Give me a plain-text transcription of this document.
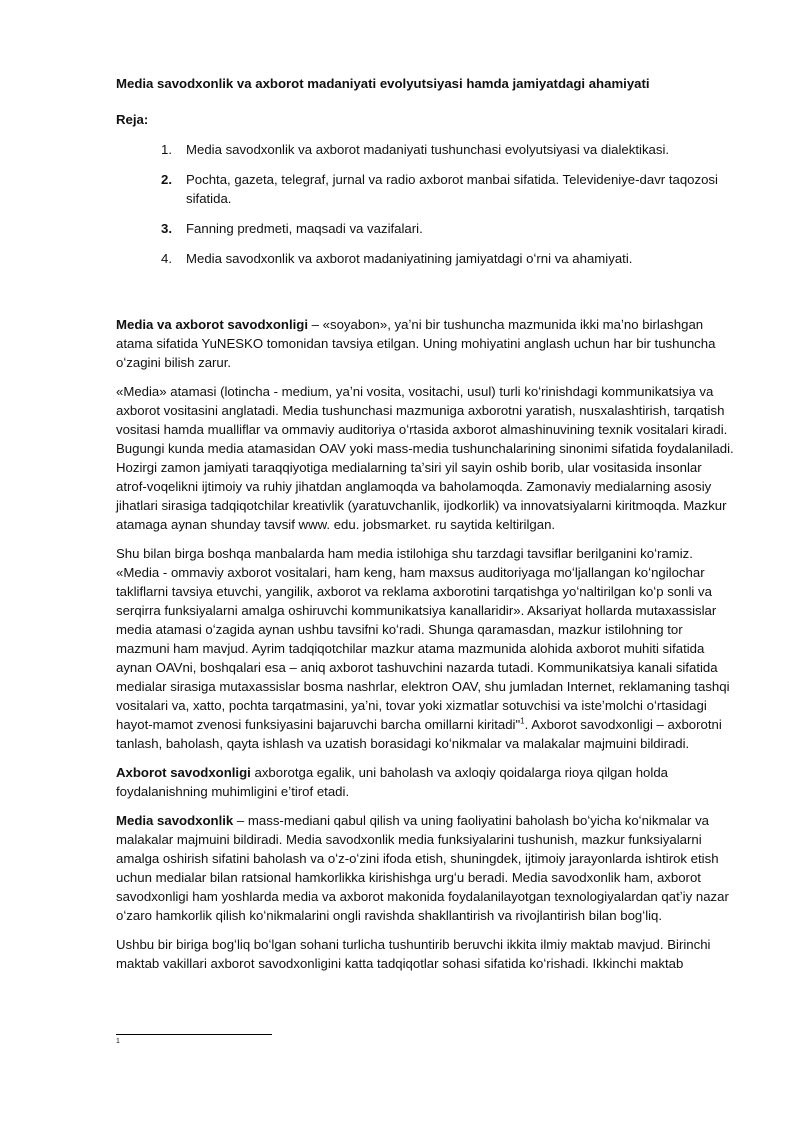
Media savodxonlik va axborot madaniyati evolyutsiyasi hamda jamiyatdagi ahamiyati
Reja:
1. Media savodxonlik va axborot madaniyati tushunchasi evolyutsiyasi va dialektikasi.
2. Pochta, gazeta, telegraf, jurnal va radio axborot manbai sifatida. Televideniye-davr taqozosi sifatida.
3. Fanning predmeti, maqsadi va vazifalari.
4. Media savodxonlik va axborot madaniyatining jamiyatdagi oʻrni va ahamiyati.

Media va axborot savodxonligi – «soyabon», yaʼni bir tushuncha mazmunida ikki maʼno birlashgan atama sifatida YuNESKO tomonidan tavsiya etilgan. Uning mohiyatini anglash uchun har bir tushuncha oʻzagini bilish zarur.

«Media» atamasi (lotincha - medium, yaʼni vosita, vositachi, usul) turli koʻrinishdagi kommunikatsiya va axborot vositasini anglatadi. Media tushunchasi mazmuniga axborotni yaratish, nusxalashtirish, tarqatish vositasi hamda mualliflar va ommaviy auditoriya oʻrtasida axborot almashinuvining texnik vositalari kiradi. Bugungi kunda media atamasidan OAV yoki mass-media tushunchalarining sinonimi sifatida foydalaniladi. Hozirgi zamon jamiyati taraqqiyotiga medialarning taʼsiri yil sayin oshib borib, ular vositasida insonlar atrof-voqelikni ijtimoiy va ruhiy jihatdan anglamoqda va baholamoqda. Zamonaviy medialarning asosiy jihatlari sirasiga tadqiqotchilar kreativlik (yaratuvchanlik, ijodkorlik) va innovatsiyalarni kiritmoqda. Mazkur atamaga aynan shunday tavsif www. edu. jobsmarket. ru saytida keltirilgan.

Shu bilan birga boshqa manbalarda ham media istilohiga shu tarzdagi tavsiflar berilganini koʻramiz. «Media - ommaviy axborot vositalari, ham keng, ham maxsus auditoriyaga moʻljallangan koʻngilochar takliflarni tavsiya etuvchi, yangilik, axborot va reklama axborotini tarqatishga yoʻnaltirilgan koʻp sonli va serqirra funksiyalarni amalga oshiruvchi kommunikatsiya kanallaridir». Aksariyat hollarda mutaxassislar media atamasi oʻzagida aynan ushbu tavsifni koʻradi. Shunga qaramasdan, mazkur istilohning tor mazmuni ham mavjud. Ayrim tadqiqotchilar mazkur atama mazmunida alohida axborot muhiti sifatida aynan OAVni, boshqalari esa – aniq axborot tashuvchini nazarda tutadi. Kommunikatsiya kanali sifatida medialar sirasiga mutaxassislar bosma nashrlar, elektron OAV, shu jumladan Internet, reklamaning tashqi vositalari va, xatto, pochta tarqatmasini, yaʼni, tovar yoki xizmatlar sotuvchisi va isteʼmolchi oʻrtasidagi hayot-mamot zvenosi funksiyasini bajaruvchi barcha omillarni kiritadi"$^1$. Axborot savodxonligi – axborotni tanlash, baholash, qayta ishlash va uzatish borasidagi koʻnikmalar va malakalar majmuini bildiradi.

Axborot savodxonligi axborotga egalik, uni baholash va axloqiy qoidalarga rioya qilgan holda foydalanishning muhimligini eʼtirof etadi.

Media savodxonlik – mass-mediani qabul qilish va uning faoliyatini baholash boʻyicha koʻnikmalar va malakalar majmuini bildiradi. Media savodxonlik media funksiyalarini tushunish, mazkur funksiyalarni amalga oshirish sifatini baholash va oʻz-oʻzini ifoda etish, shuningdek, ijtimoiy jarayonlarda ishtirok etish uchun medialar bilan ratsional hamkorlikka kirishishga urgʻu beradi. Media savodxonlik ham, axborot savodxonligi ham yoshlarda media va axborot makonida foydalanilayotgan texnologiyalardan qatʼiy nazar oʻzaro hamkorlik qilish koʻnikmalarini ongli ravishda shakllantirish va rivojlantirish bilan bogʻliq.

Ushbu bir biriga bogʻliq boʻlgan sohani turlicha tushuntirib beruvchi ikkita ilmiy maktab mavjud. Birinchi maktab vakillari axborot savodxonligini katta tadqiqotlar sohasi sifatida koʻrishadi. Ikkinchi maktab

1
